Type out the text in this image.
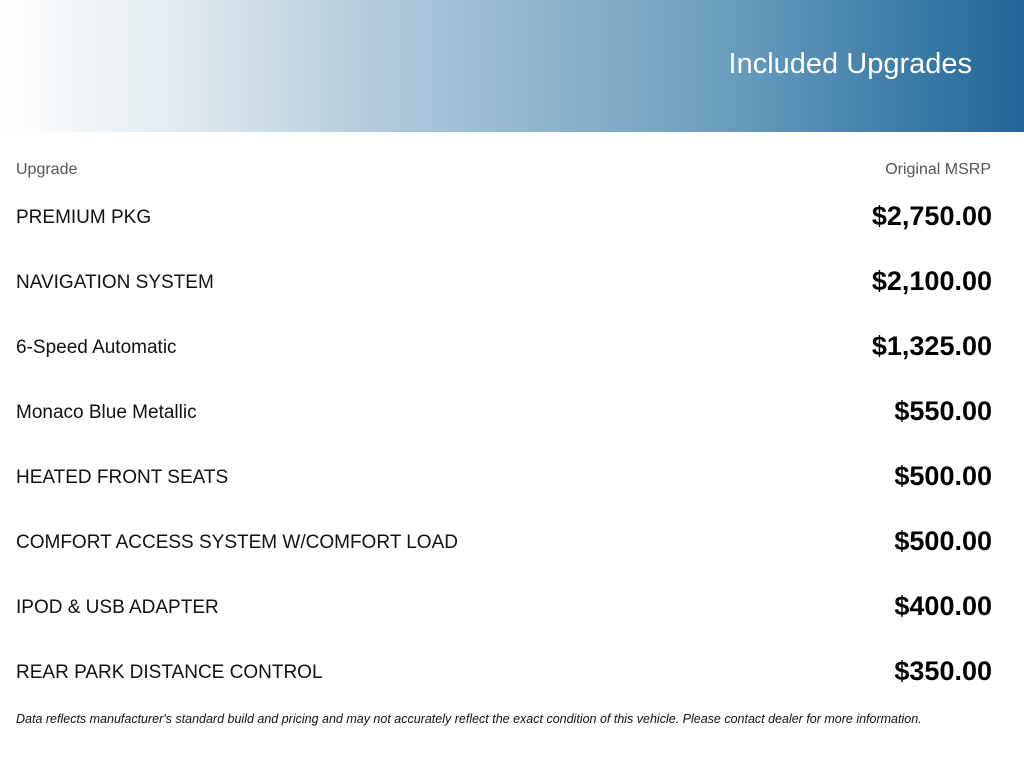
Included Upgrades
Upgrade	Original MSRP
PREMIUM PKG	$2,750.00
NAVIGATION SYSTEM	$2,100.00
6-Speed Automatic	$1,325.00
Monaco Blue Metallic	$550.00
HEATED FRONT SEATS	$500.00
COMFORT ACCESS SYSTEM W/COMFORT LOAD	$500.00
IPOD & USB ADAPTER	$400.00
REAR PARK DISTANCE CONTROL	$350.00
Data reflects manufacturer's standard build and pricing and may not accurately reflect the exact condition of this vehicle. Please contact dealer for more information.
